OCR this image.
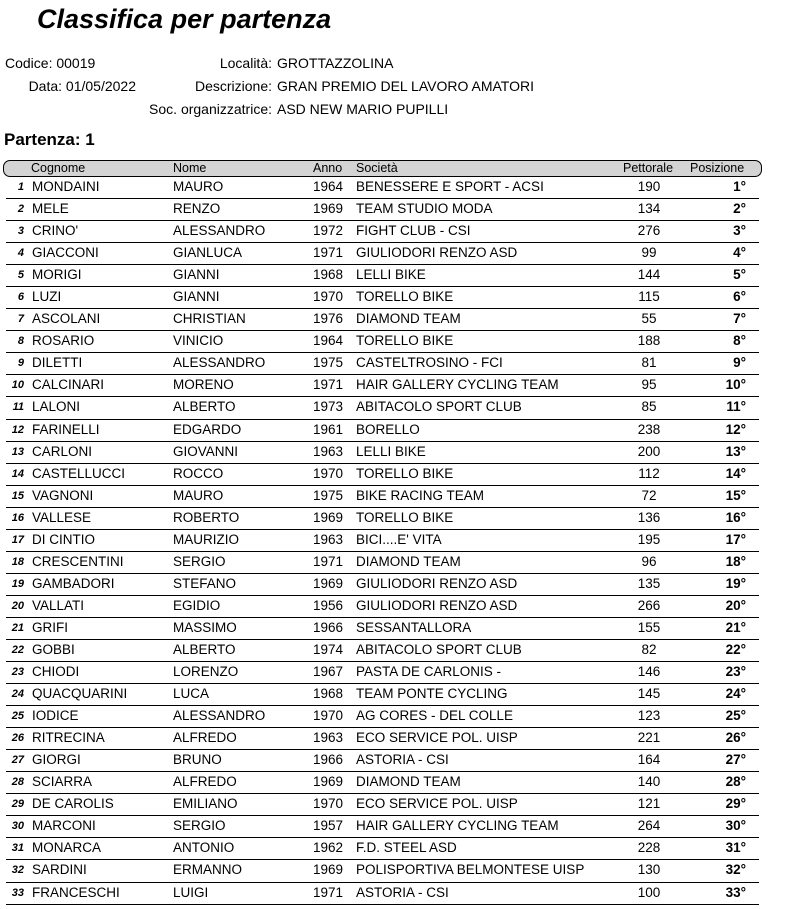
Classifica per partenza
Codice: 00019
Data: 01/05/2022
Località: GROTTAZZOLINA
Descrizione: GRAN PREMIO DEL LAVORO AMATORI
Soc. organizzatrice: ASD NEW MARIO PUPILLI
Partenza: 1
Cognome	Nome	Anno Società	Pettorale Posizione
1 MONDAINI	MAURO	1964 BENESSERE E SPORT - ACSI	190	1°
2 MELE	RENZO	1969 TEAM STUDIO MODA	134	2°
3 CRINO'	ALESSANDRO	1972 FIGHT CLUB - CSI	276	3°
4 GIACCONI	GIANLUCA	1971 GIULIODORI RENZO ASD	99	4°
5 MORIGI	GIANNI	1968 LELLI BIKE	144	5°
6 LUZI	GIANNI	1970 TORELLO BIKE	115	6°
7 ASCOLANI	CHRISTIAN	1976 DIAMOND TEAM	55	7°
8 ROSARIO	VINICIO	1964 TORELLO BIKE	188	8°
9 DILETTI	ALESSANDRO	1975 CASTELTROSINO - FCI	81	9°
10 CALCINARI	MORENO	1971 HAIR GALLERY CYCLING TEAM	95	10°
11 LALONI	ALBERTO	1973 ABITACOLO SPORT CLUB	85	11°
12 FARINELLI	EDGARDO	1961 BORELLO	238	12°
13 CARLONI	GIOVANNI	1963 LELLI BIKE	200	13°
14 CASTELLUCCI	ROCCO	1970 TORELLO BIKE	112	14°
15 VAGNONI	MAURO	1975 BIKE RACING TEAM	72	15°
16 VALLESE	ROBERTO	1969 TORELLO BIKE	136	16°
17 DI CINTIO	MAURIZIO	1963 BICI....E' VITA	195	17°
18 CRESCENTINI	SERGIO	1971 DIAMOND TEAM	96	18°
19 GAMBADORI	STEFANO	1969 GIULIODORI RENZO ASD	135	19°
20 VALLATI	EGIDIO	1956 GIULIODORI RENZO ASD	266	20°
21 GRIFI	MASSIMO	1966 SESSANTALLORA	155	21°
22 GOBBI	ALBERTO	1974 ABITACOLO SPORT CLUB	82	22°
23 CHIODI	LORENZO	1967 PASTA DE CARLONIS -	146	23°
24 QUACQUARINI	LUCA	1968 TEAM PONTE CYCLING	145	24°
25 IODICE	ALESSANDRO	1970 AG CORES - DEL COLLE	123	25°
26 RITRECINA	ALFREDO	1963 ECO SERVICE POL. UISP	221	26°
27 GIORGI	BRUNO	1966 ASTORIA - CSI	164	27°
28 SCIARRA	ALFREDO	1969 DIAMOND TEAM	140	28°
29 DE CAROLIS	EMILIANO	1970 ECO SERVICE POL. UISP	121	29°
30 MARCONI	SERGIO	1957 HAIR GALLERY CYCLING TEAM	264	30°
31 MONARCA	ANTONIO	1962 F.D. STEEL ASD	228	31°
32 SARDINI	ERMANNO	1969 POLISPORTIVA BELMONTESE UISP	130	32°
33 FRANCESCHI	LUIGI	1971 ASTORIA - CSI	100	33°
